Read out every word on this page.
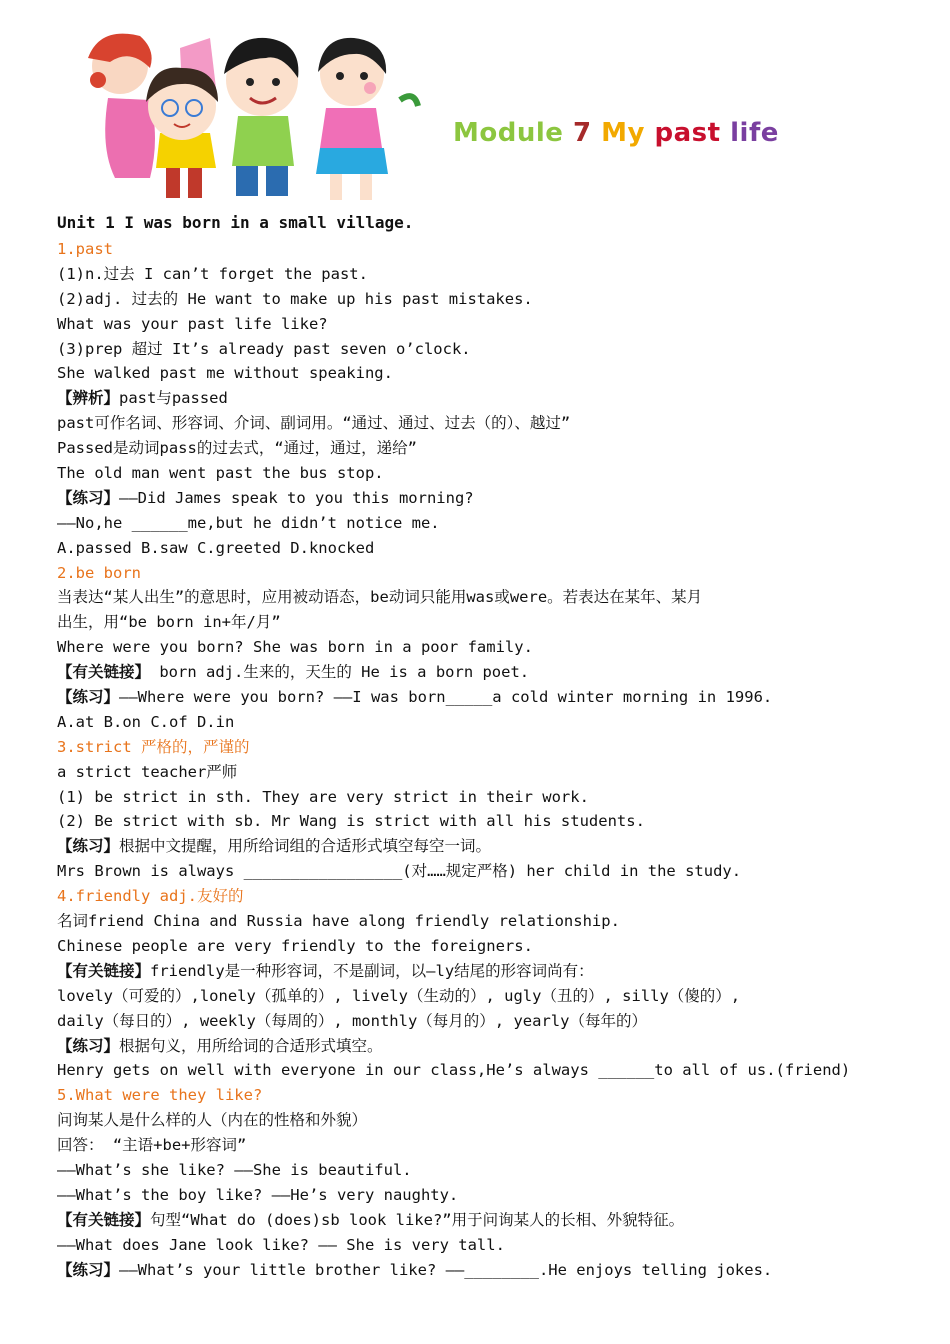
Module 7 My past life
Unit 1 I was born in a small village.
1.past
(1)n.过去 I can’t forget the past.
(2)adj. 过去的 He want to make up his past mistakes.
What was your past life like?
(3)prep 超过 It’s already past seven o’clock.
She walked past me without speaking.
【辨析】past与passed
past可作名词、形容词、介词、副词用。“通过、通过、过去（的）、越过”
Passed是动词pass的过去式，“通过，通过，递给”
The old man went past the bus stop.
【练习】——Did James speak to you this morning?
——No,he ______me,but he didn’t notice me.
A.passed B.saw C.greeted D.knocked
2.be born
当表达“某人出生”的意思时，应用被动语态，be动词只能用was或were。若表达在某年、某月
出生，用“be born in+年/月”
Where were you born? She was born in a poor family.
【有关链接】 born adj.生来的，天生的 He is a born poet.
【练习】——Where were you born? ——I was born_____a cold winter morning in 1996.
A.at B.on C.of D.in
3.strict 严格的，严谨的
a strict teacher严师
(1) be strict in sth. They are very strict in their work.
(2) Be strict with sb. Mr Wang is strict with all his students.
【练习】根据中文提醒，用所给词组的合适形式填空每空一词。
Mrs Brown is always _________________(对……规定严格) her child in the study.
4.friendly adj.友好的
名词friend China and Russia have along friendly relationship.
Chinese people are very friendly to the foreigners.
【有关链接】friendly是一种形容词，不是副词，以—ly结尾的形容词尚有：
lovely（可爱的）,lonely（孤单的）, lively（生动的）, ugly（丑的）, silly（傻的）,
daily（每日的）, weekly（每周的）, monthly（每月的）, yearly（每年的）
【练习】根据句义，用所给词的合适形式填空。
Henry gets on well with everyone in our class,He’s always ______to all of us.(friend)
5.What were they like?
问询某人是什么样的人（内在的性格和外貌）
回答： “主语+be+形容词”
——What’s she like? ——She is beautiful.
——What’s the boy like? ——He’s very naughty.
【有关链接】句型“What do (does)sb look like?”用于问询某人的长相、外貌特征。
——What does Jane look like? —— She is very tall.
【练习】——What’s your little brother like? ——________.He enjoys telling jokes.
